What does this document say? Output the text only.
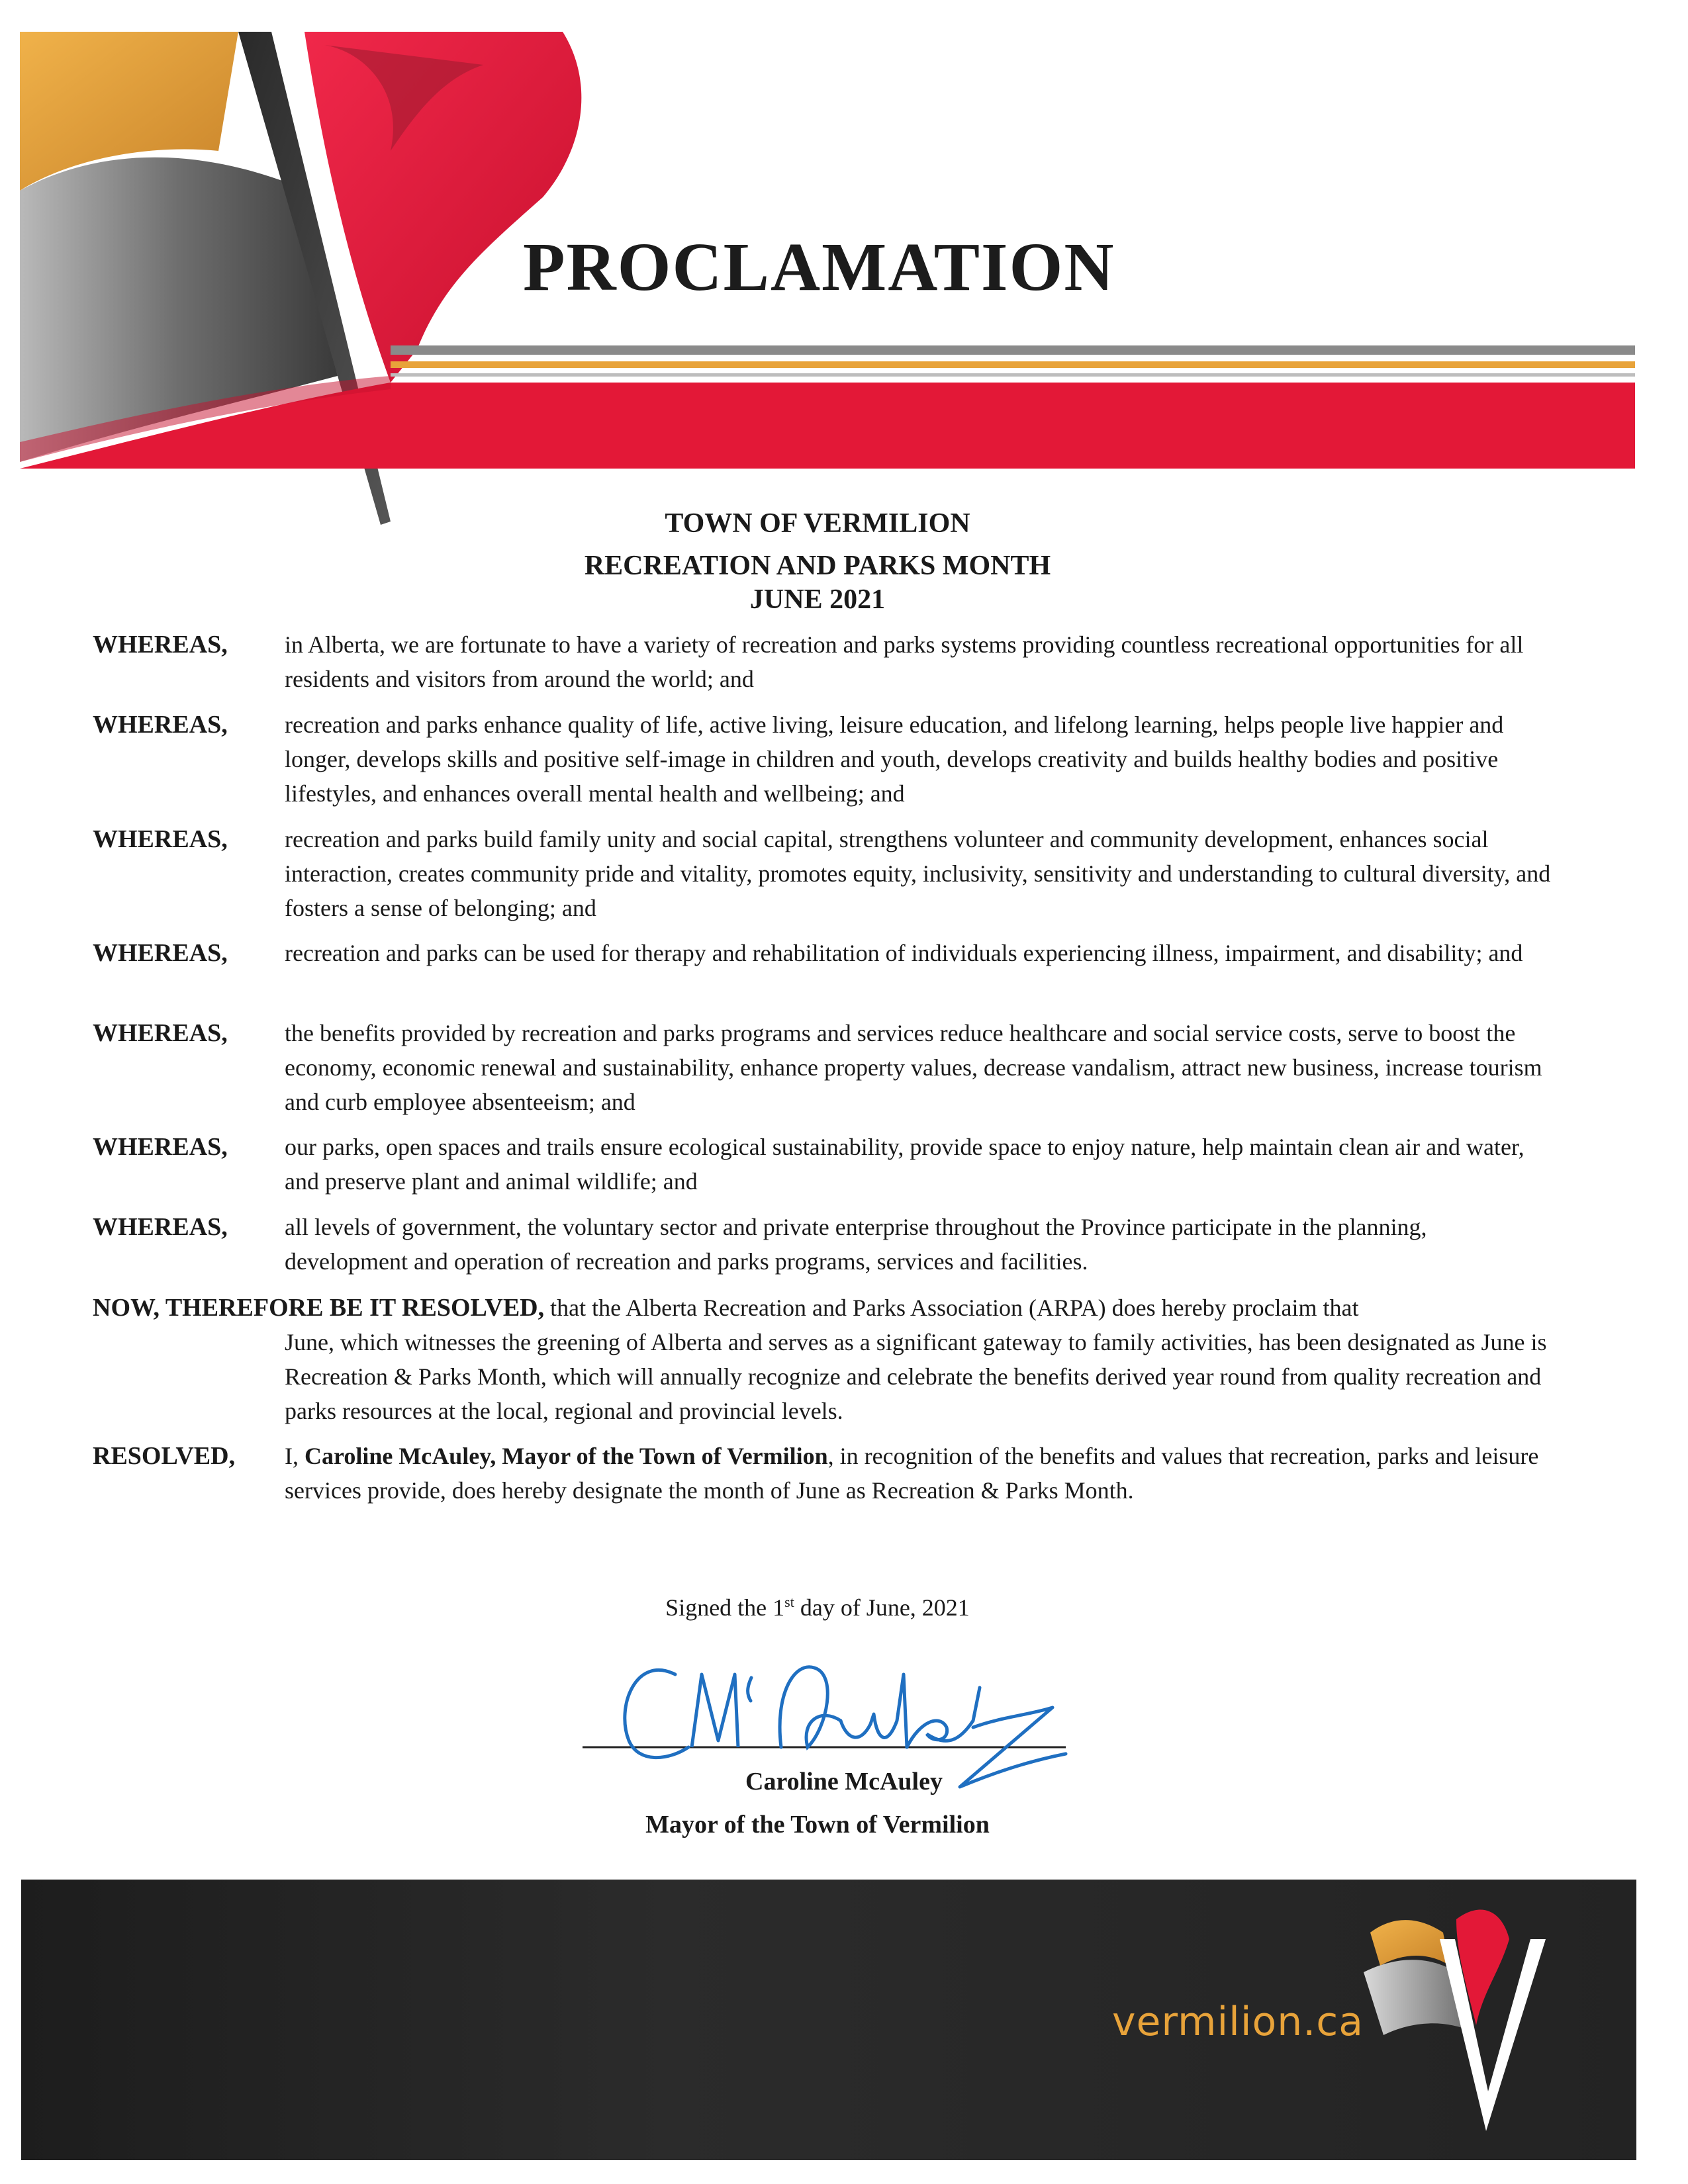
PROCLAMATION
TOWN OF VERMILION
RECREATION AND PARKS MONTH
JUNE 2021
WHEREAS, in Alberta, we are fortunate to have a variety of recreation and parks systems providing countless recreational opportunities for all residents and visitors from around the world; and
WHEREAS, recreation and parks enhance quality of life, active living, leisure education, and lifelong learning, helps people live happier and longer, develops skills and positive self-image in children and youth, develops creativity and builds healthy bodies and positive lifestyles, and enhances overall mental health and wellbeing; and
WHEREAS, recreation and parks build family unity and social capital, strengthens volunteer and community development, enhances social interaction, creates community pride and vitality, promotes equity, inclusivity, sensitivity and understanding to cultural diversity, and fosters a sense of belonging; and
WHEREAS, recreation and parks can be used for therapy and rehabilitation of individuals experiencing illness, impairment, and disability; and
WHEREAS, the benefits provided by recreation and parks programs and services reduce healthcare and social service costs, serve to boost the economy, economic renewal and sustainability, enhance property values, decrease vandalism, attract new business, increase tourism and curb employee absenteeism; and
WHEREAS, our parks, open spaces and trails ensure ecological sustainability, provide space to enjoy nature, help maintain clean air and water, and preserve plant and animal wildlife; and
WHEREAS, all levels of government, the voluntary sector and private enterprise throughout the Province participate in the planning, development and operation of recreation and parks programs, services and facilities.
NOW, THEREFORE BE IT RESOLVED, that the Alberta Recreation and Parks Association (ARPA) does hereby proclaim that
June, which witnesses the greening of Alberta and serves as a significant gateway to family activities, has been designated as June is Recreation & Parks Month, which will annually recognize and celebrate the benefits derived year round from quality recreation and parks resources at the local, regional and provincial levels.
RESOLVED, I, Caroline McAuley, Mayor of the Town of Vermilion, in recognition of the benefits and values that recreation, parks and leisure services provide, does hereby designate the month of June as Recreation & Parks Month.
Signed the 1st day of June, 2021
Caroline McAuley
Mayor of the Town of Vermilion
vermilion.ca
